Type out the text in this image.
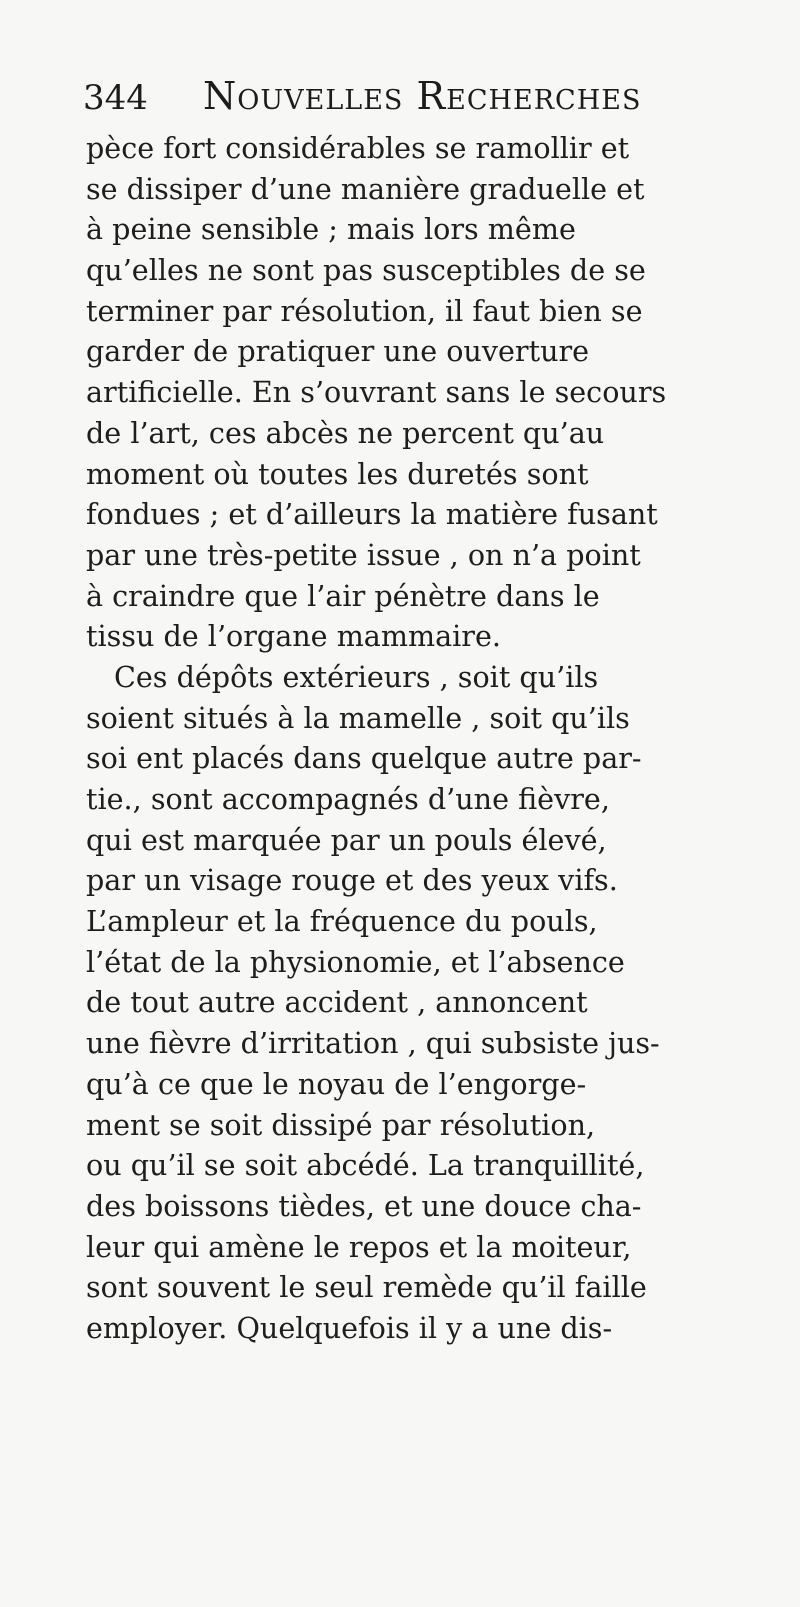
344 Nouvelles Recherches
pèce fort considérables se ramollir et
se dissiper d’une manière graduelle et
à peine sensible ; mais lors même
qu’elles ne sont pas susceptibles de se
terminer par résolution, il faut bien se
garder de pratiquer une ouverture
artificielle. En s’ouvrant sans le secours
de l’art, ces abcès ne percent qu’au
moment où toutes les duretés sont
fondues ; et d’ailleurs la matière fusant
par une très-petite issue , on n’a point
à craindre que l’air pénètre dans le
tissu de l’organe mammaire.
Ces dépôts extérieurs , soit qu’ils
soient situés à la mamelle , soit qu’ils
soi ent placés dans quelque autre par-
tie., sont accompagnés d’une fièvre,
qui est marquée par un pouls élevé,
par un visage rouge et des yeux vifs.
L’ampleur et la fréquence du pouls,
l’état de la physionomie, et l’absence
de tout autre accident , annoncent
une fièvre d’irritation , qui subsiste jus-
qu’à ce que le noyau de l’engorge-
ment se soit dissipé par résolution,
ou qu’il se soit abcédé. La tranquillité,
des boissons tièdes, et une douce cha-
leur qui amène le repos et la moiteur,
sont souvent le seul remède qu’il faille
employer. Quelquefois il y a une dis-
